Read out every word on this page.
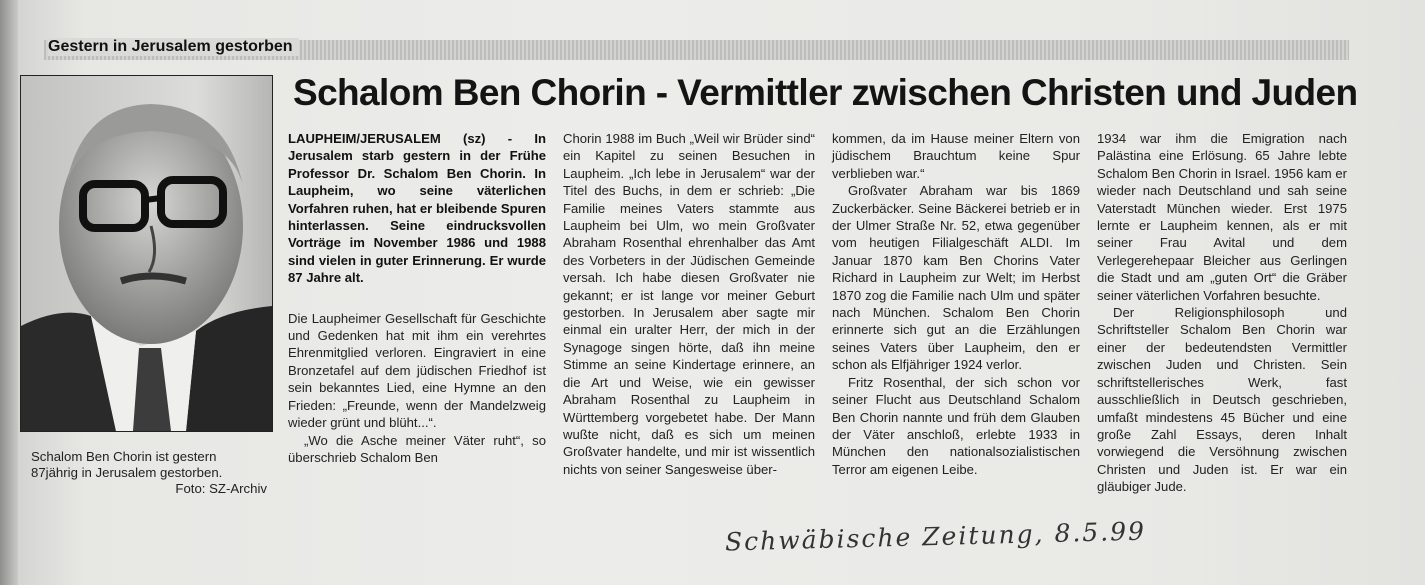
Gestern in Jerusalem gestorben
Schalom Ben Chorin - Vermittler zwischen Christen und Juden
Schalom Ben Chorin ist gestern
87jährig in Jerusalem gestorben.
Foto: SZ-Archiv

LAUPHEIM/JERUSALEM (sz) - In Jerusalem starb gestern in der Frühe Professor Dr. Schalom Ben Chorin. In Laupheim, wo seine väterlichen Vorfahren ruhen, hat er bleibende Spuren hinterlassen. Seine eindrucksvollen Vorträge im November 1986 und 1988 sind vielen in guter Erinnerung. Er wurde 87 Jahre alt.

Die Laupheimer Gesellschaft für Geschichte und Gedenken hat mit ihm ein verehrtes Ehrenmitglied verloren. Eingraviert in eine Bronzetafel auf dem jüdischen Friedhof ist sein bekanntes Lied, eine Hymne an den Frieden: „Freunde, wenn der Mandelzweig wieder grünt und blüht...“.

„Wo die Asche meiner Väter ruht“, so überschrieb Schalom Ben

Chorin 1988 im Buch „Weil wir Brüder sind“ ein Kapitel zu seinen Besuchen in Laupheim. „Ich lebe in Jerusalem“ war der Titel des Buchs, in dem er schrieb: „Die Familie meines Vaters stammte aus Laupheim bei Ulm, wo mein Großvater Abraham Rosenthal ehrenhalber das Amt des Vorbeters in der Jüdischen Gemeinde versah. Ich habe diesen Großvater nie gekannt; er ist lange vor meiner Geburt gestorben. In Jerusalem aber sagte mir einmal ein uralter Herr, der mich in der Synagoge singen hörte, daß ihn meine Stimme an seine Kindertage erinnere, an die Art und Weise, wie ein gewisser Abraham Rosenthal zu Laupheim in Württemberg vorgebetet habe. Der Mann wußte nicht, daß es sich um meinen Großvater handelte, und mir ist wissentlich nichts von seiner Sangesweise über-

kommen, da im Hause meiner Eltern von jüdischem Brauchtum keine Spur verblieben war.“

Großvater Abraham war bis 1869 Zuckerbäcker. Seine Bäckerei betrieb er in der Ulmer Straße Nr. 52, etwa gegenüber vom heutigen Filialgeschäft ALDI. Im Januar 1870 kam Ben Chorins Vater Richard in Laupheim zur Welt; im Herbst 1870 zog die Familie nach Ulm und später nach München. Schalom Ben Chorin erinnerte sich gut an die Erzählungen seines Vaters über Laupheim, den er schon als Elfjähriger 1924 verlor.

Fritz Rosenthal, der sich schon vor seiner Flucht aus Deutschland Schalom Ben Chorin nannte und früh dem Glauben der Väter anschloß, erlebte 1933 in München den nationalsozialistischen Terror am eigenen Leibe.

1934 war ihm die Emigration nach Palästina eine Erlösung. 65 Jahre lebte Schalom Ben Chorin in Israel. 1956 kam er wieder nach Deutschland und sah seine Vaterstadt München wieder. Erst 1975 lernte er Laupheim kennen, als er mit seiner Frau Avital und dem Verlegerehepaar Bleicher aus Gerlingen die Stadt und am „guten Ort“ die Gräber seiner väterlichen Vorfahren besuchte.

Der Religionsphilosoph und Schriftsteller Schalom Ben Chorin war einer der bedeutendsten Vermittler zwischen Juden und Christen. Sein schriftstellerisches Werk, fast ausschließlich in Deutsch geschrieben, umfaßt mindestens 45 Bücher und eine große Zahl Essays, deren Inhalt vorwiegend die Versöhnung zwischen Christen und Juden ist. Er war ein gläubiger Jude.

Schwäbische Zeitung, 8.5.99
